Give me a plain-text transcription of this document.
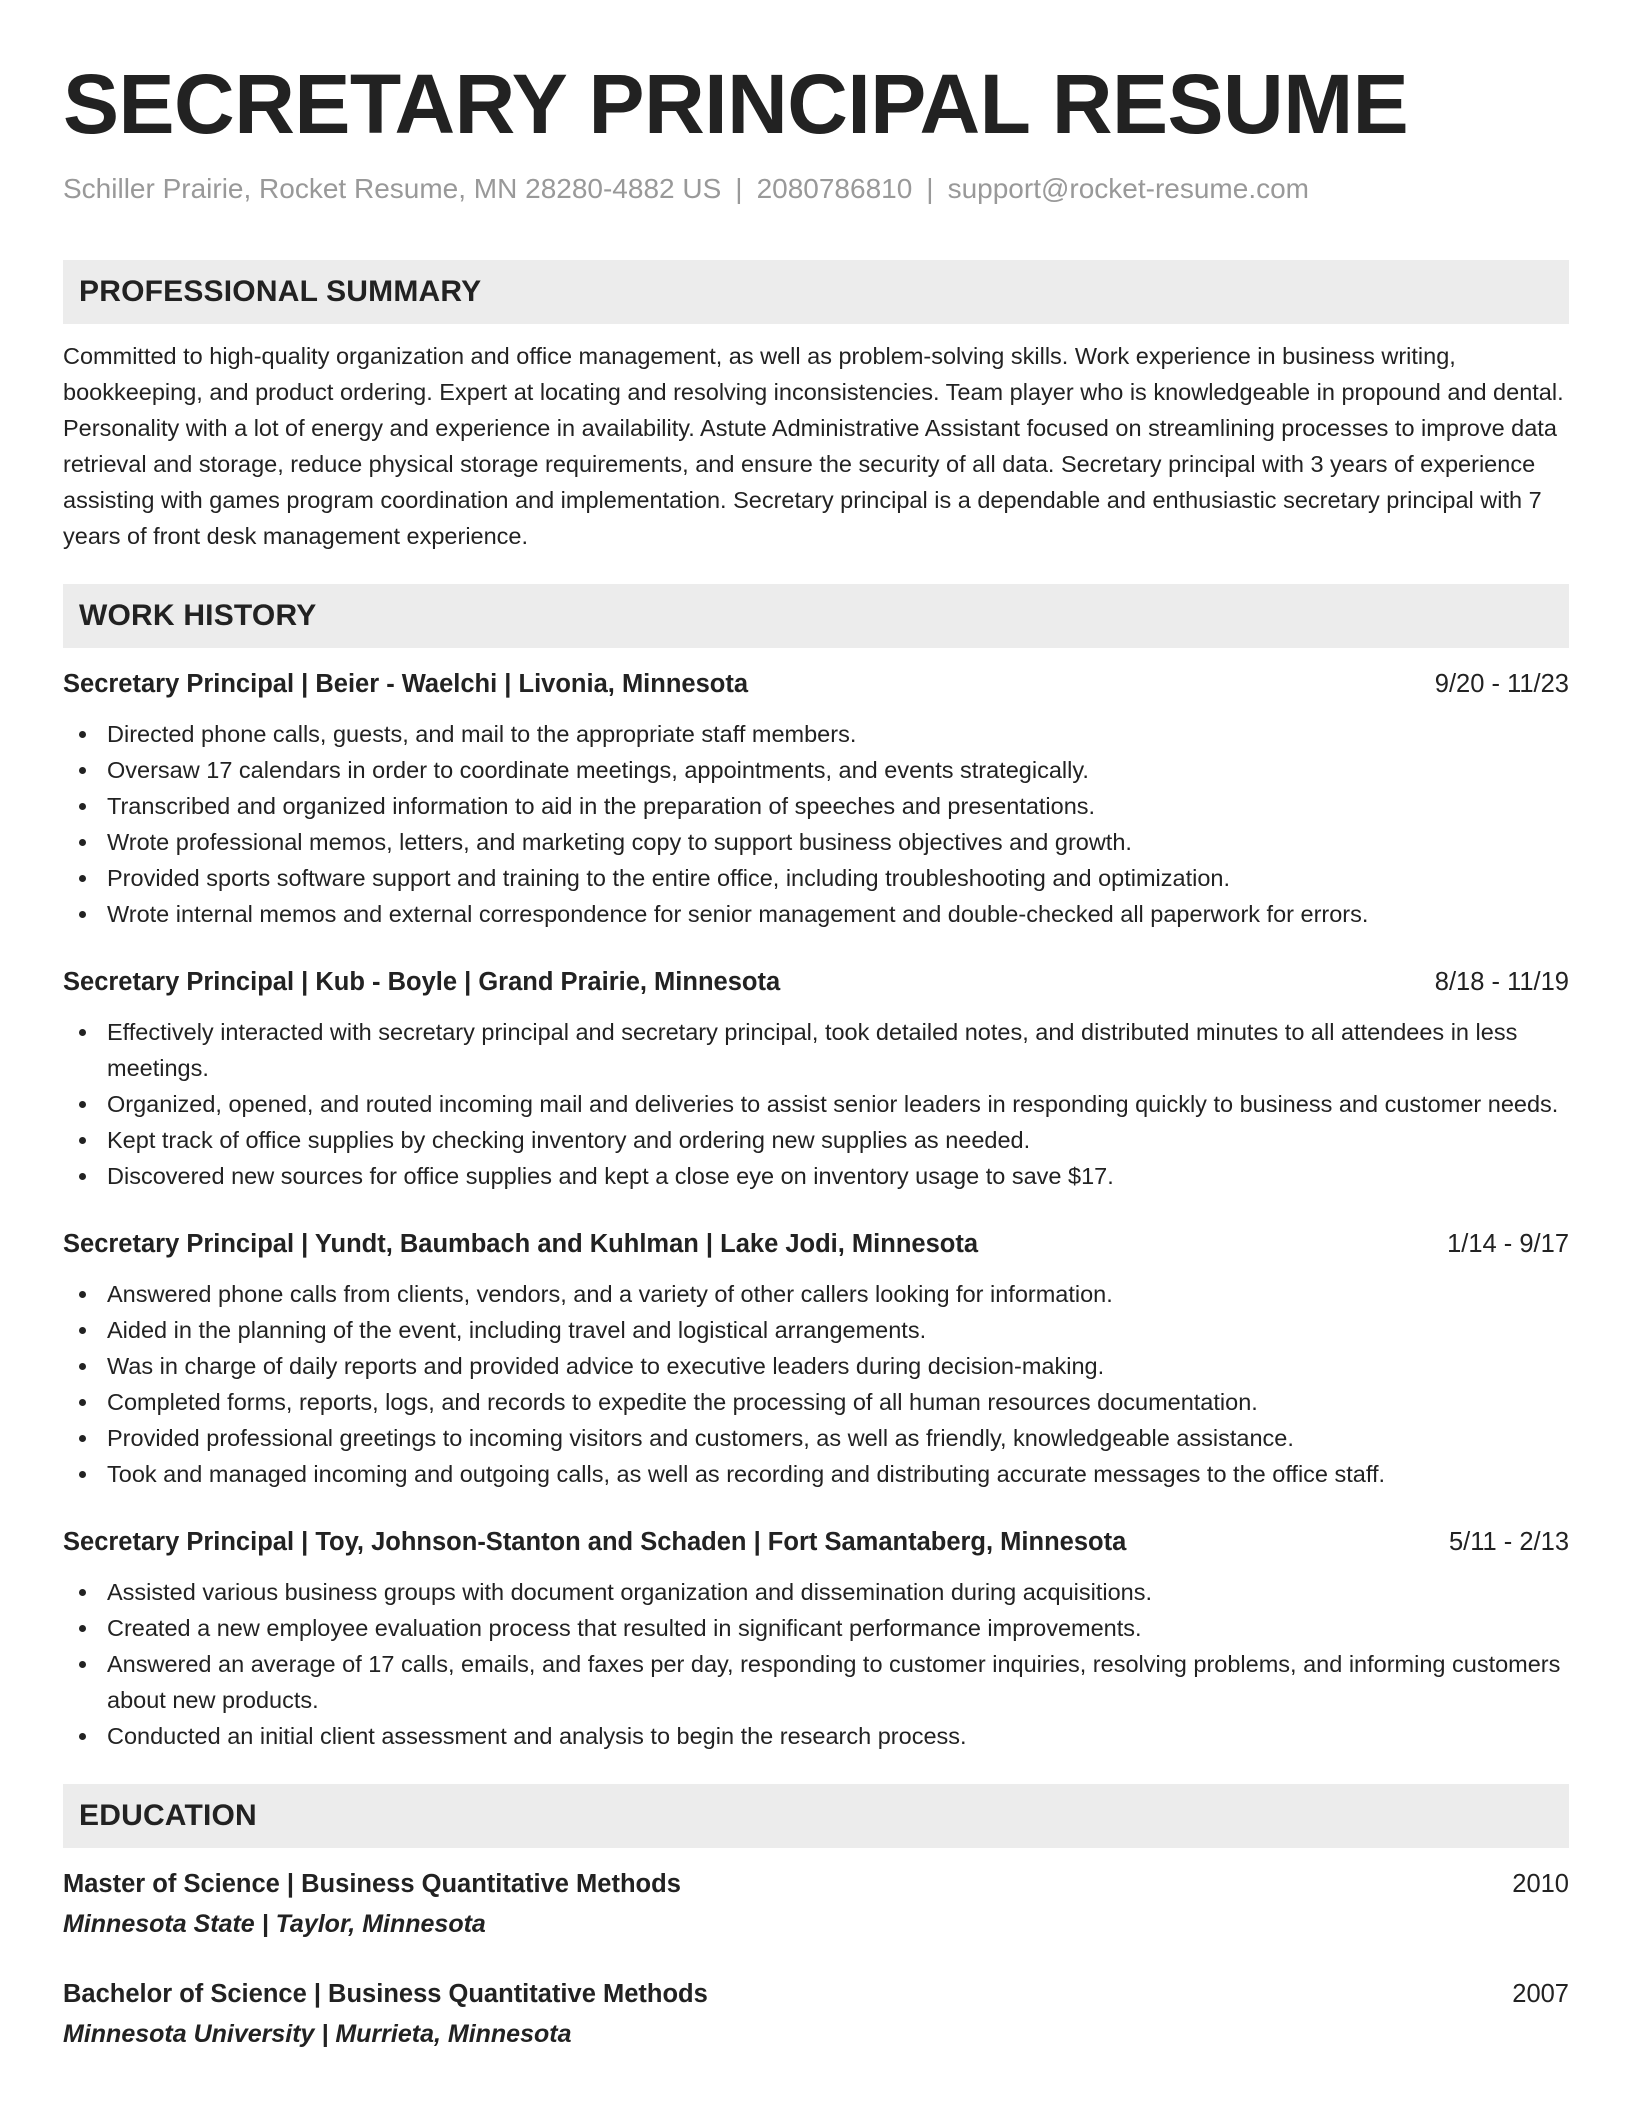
SECRETARY PRINCIPAL RESUME
Schiller Prairie, Rocket Resume, MN 28280-4882 US | 2080786810 | support@rocket-resume.com
PROFESSIONAL SUMMARY

Committed to high-quality organization and office management, as well as problem-solving skills. Work experience in business writing, bookkeeping, and product ordering. Expert at locating and resolving inconsistencies. Team player who is knowledgeable in propound and dental. Personality with a lot of energy and experience in availability. Astute Administrative Assistant focused on streamlining processes to improve data retrieval and storage, reduce physical storage requirements, and ensure the security of all data. Secretary principal with 3 years of experience assisting with games program coordination and implementation. Secretary principal is a dependable and enthusiastic secretary principal with 7 years of front desk management experience.

WORK HISTORY
Secretary Principal | Beier - Waelchi | Livonia, Minnesota	9/20 - 11/23
Directed phone calls, guests, and mail to the appropriate staff members.
Oversaw 17 calendars in order to coordinate meetings, appointments, and events strategically.
Transcribed and organized information to aid in the preparation of speeches and presentations.
Wrote professional memos, letters, and marketing copy to support business objectives and growth.
Provided sports software support and training to the entire office, including troubleshooting and optimization.
Wrote internal memos and external correspondence for senior management and double-checked all paperwork for errors.
Secretary Principal | Kub - Boyle | Grand Prairie, Minnesota	8/18 - 11/19
Effectively interacted with secretary principal and secretary principal, took detailed notes, and distributed minutes to all attendees in less meetings.
Organized, opened, and routed incoming mail and deliveries to assist senior leaders in responding quickly to business and customer needs.
Kept track of office supplies by checking inventory and ordering new supplies as needed.
Discovered new sources for office supplies and kept a close eye on inventory usage to save $17.
Secretary Principal | Yundt, Baumbach and Kuhlman | Lake Jodi, Minnesota	1/14 - 9/17
Answered phone calls from clients, vendors, and a variety of other callers looking for information.
Aided in the planning of the event, including travel and logistical arrangements.
Was in charge of daily reports and provided advice to executive leaders during decision-making.
Completed forms, reports, logs, and records to expedite the processing of all human resources documentation.
Provided professional greetings to incoming visitors and customers, as well as friendly, knowledgeable assistance.
Took and managed incoming and outgoing calls, as well as recording and distributing accurate messages to the office staff.
Secretary Principal | Toy, Johnson-Stanton and Schaden | Fort Samantaberg, Minnesota	5/11 - 2/13
Assisted various business groups with document organization and dissemination during acquisitions.
Created a new employee evaluation process that resulted in significant performance improvements.
Answered an average of 17 calls, emails, and faxes per day, responding to customer inquiries, resolving problems, and informing customers about new products.
Conducted an initial client assessment and analysis to begin the research process.
EDUCATION
Master of Science | Business Quantitative Methods	2010
Minnesota State | Taylor, Minnesota
Bachelor of Science | Business Quantitative Methods	2007
Minnesota University | Murrieta, Minnesota
